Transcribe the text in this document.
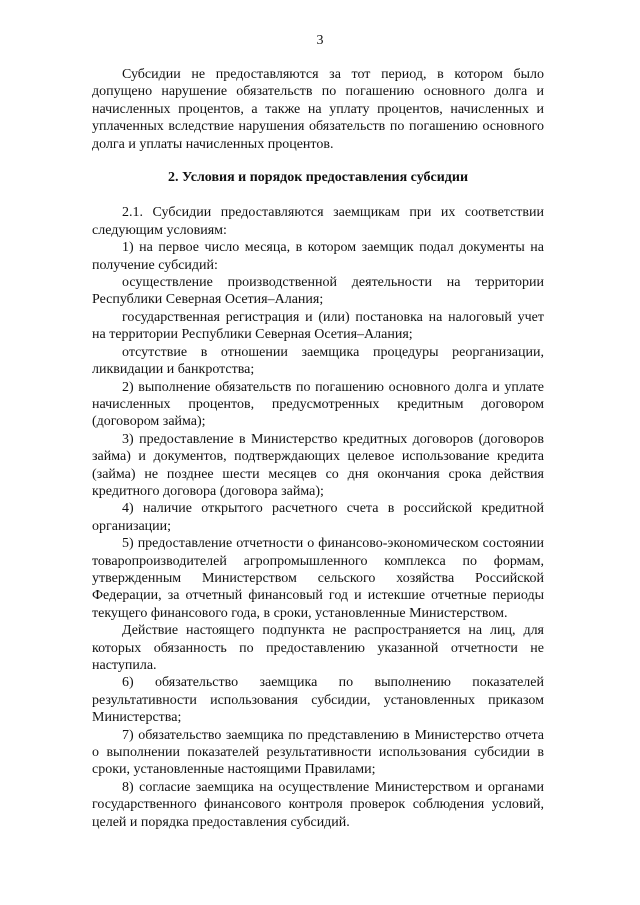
3

Субсидии не предоставляются за тот период, в котором было допущено нарушение обязательств по погашению основного долга и начисленных процентов, а также на уплату процентов, начисленных и уплаченных вследствие нарушения обязательств по погашению основного долга и уплаты начисленных процентов.

2. Условия и порядок предоставления субсидии

2.1. Субсидии предоставляются заемщикам при их соответствии следующим условиям:

1) на первое число месяца, в котором заемщик подал документы на получение субсидий:

осуществление производственной деятельности на территории Республики Северная Осетия–Алания;

государственная регистрация и (или) постановка на налоговый учет на территории Республики Северная Осетия–Алания;

отсутствие в отношении заемщика процедуры реорганизации, ликвидации и банкротства;

2) выполнение обязательств по погашению основного долга и уплате начисленных процентов, предусмотренных кредитным договором (договором займа);

3) предоставление в Министерство кредитных договоров (договоров займа) и документов, подтверждающих целевое использование кредита (займа) не позднее шести месяцев со дня окончания срока действия кредитного договора (договора займа);

4) наличие открытого расчетного счета в российской кредитной организации;

5) предоставление отчетности о финансово-экономическом состоянии товаропроизводителей агропромышленного комплекса по формам, утвержденным Министерством сельского хозяйства Российской Федерации, за отчетный финансовый год и истекшие отчетные периоды текущего финансового года, в сроки, установленные Министерством.

Действие настоящего подпункта не распространяется на лиц, для которых обязанность по предоставлению указанной отчетности не наступила.

6) обязательство заемщика по выполнению показателей результативности использования субсидии, установленных приказом Министерства;

7) обязательство заемщика по представлению в Министерство отчета о выполнении показателей результативности использования субсидии в сроки, установленные настоящими Правилами;

8) согласие заемщика на осуществление Министерством и органами государственного финансового контроля проверок соблюдения условий, целей и порядка предоставления субсидий.
